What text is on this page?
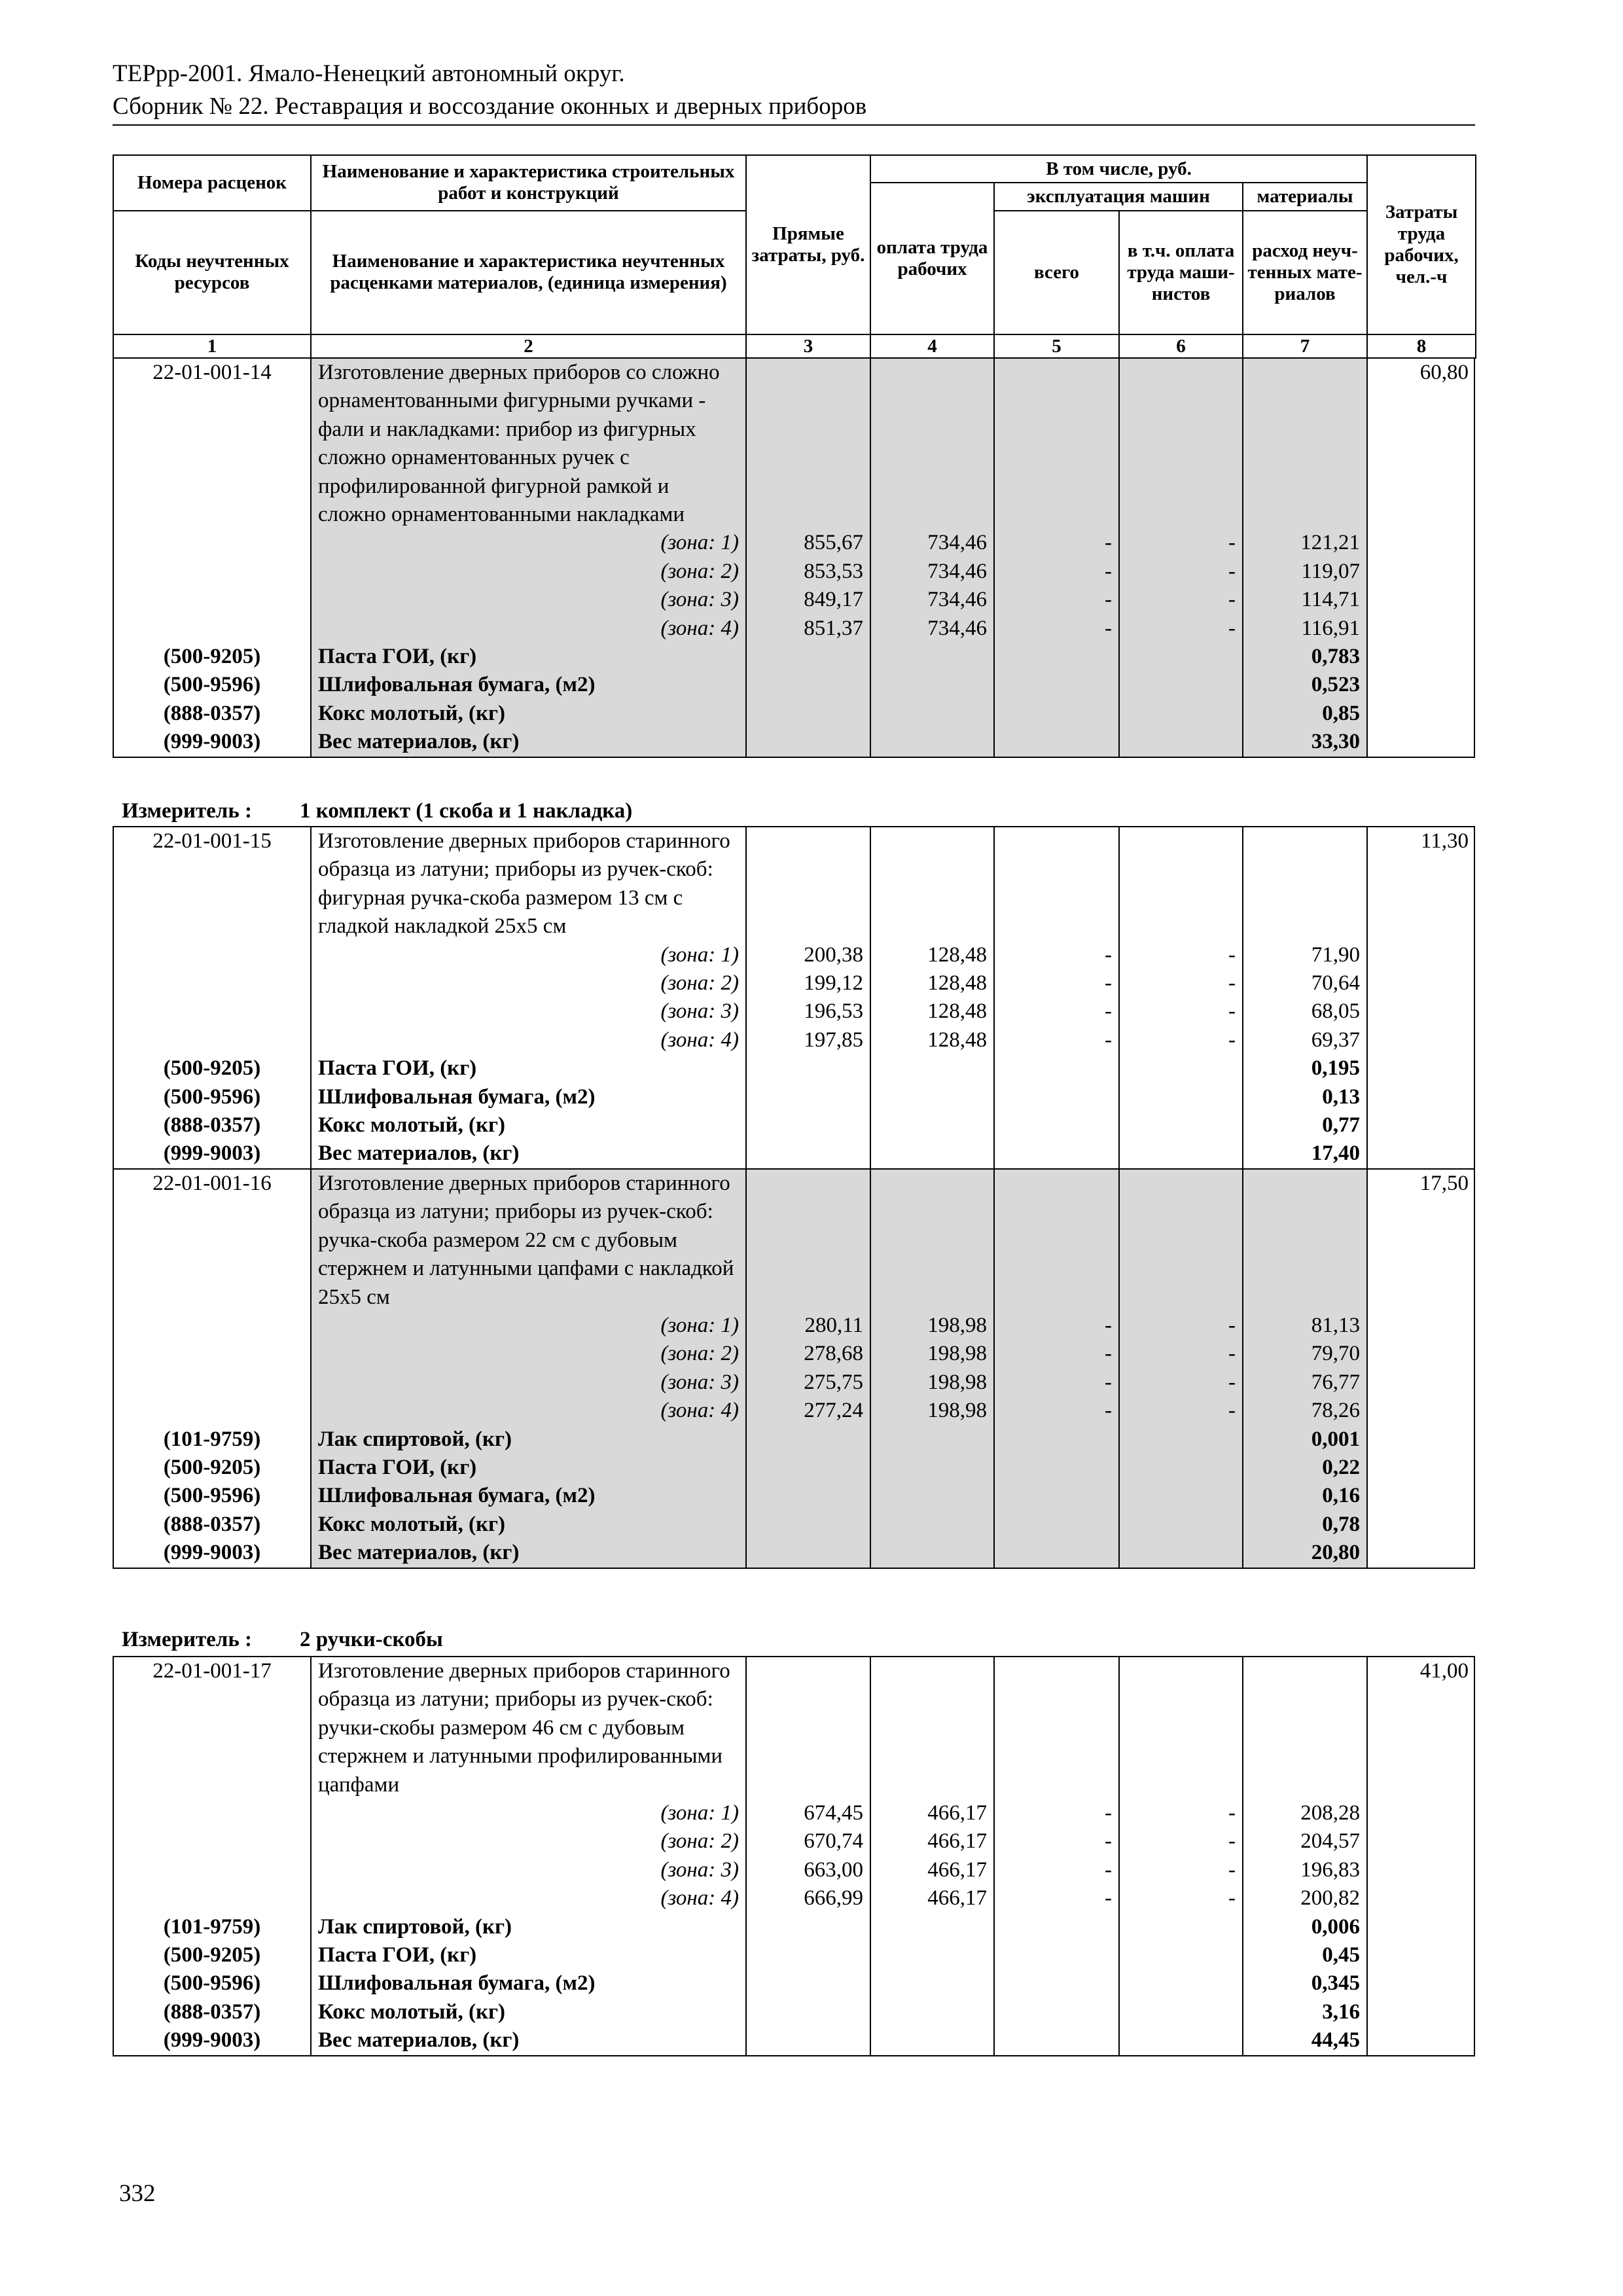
ТЕРрр-2001. Ямало-Ненецкий автономный округ.
Сборник № 22. Реставрация и воссоздание оконных и дверных приборов
Номера расценок	Наименование и характеристика строительных работ и конструкций	Прямые затраты, руб.	В том числе, руб.				Затраты труда рабочих, чел.-ч
			оплата труда рабочих	эксплуатация машин		материалы	
Коды неучтенных ресурсов	Наименование и характеристика неучтенных расценками материалов, (единица измерения)			всего	в т.ч. оплата труда маши-нистов	расход неуч-тенных мате-риалов	

1	2	3	4	5	6	7	8
22-01-001-14	Изготовление дверных приборов со сложно орнаментованными фигурными ручками - фали и накладками: прибор из фигурных сложно орнаментованных ручек с профилированной фигурной рамкой и сложно орнаментованными накладками						60,80
	(зона: 1)	855,67	734,46	-	-	121,21	
	(зона: 2)	853,53	734,46	-	-	119,07	
	(зона: 3)	849,17	734,46	-	-	114,71	
	(зона: 4)	851,37	734,46	-	-	116,91	
(500-9205)	Паста ГОИ, (кг)					0,783	
(500-9596)	Шлифовальная бумага, (м2)					0,523	
(888-0357)	Кокс молотый, (кг)					0,85	
(999-9003)	Вес материалов, (кг)					33,30	
Измеритель : 1 комплект (1 скоба и 1 накладка)
22-01-001-15	Изготовление дверных приборов старинного образца из латуни; приборы из ручек-скоб: фигурная ручка-скоба размером 13 см с гладкой накладкой 25х5 см						11,30
	(зона: 1)	200,38	128,48	-	-	71,90	
	(зона: 2)	199,12	128,48	-	-	70,64	
	(зона: 3)	196,53	128,48	-	-	68,05	
	(зона: 4)	197,85	128,48	-	-	69,37	
(500-9205)	Паста ГОИ, (кг)					0,195	
(500-9596)	Шлифовальная бумага, (м2)					0,13	
(888-0357)	Кокс молотый, (кг)					0,77	
(999-9003)	Вес материалов, (кг)					17,40	
22-01-001-16	Изготовление дверных приборов старинного образца из латуни; приборы из ручек-скоб: ручка-скоба размером 22 см с дубовым стержнем и латунными цапфами с накладкой 25х5 см						17,50
	(зона: 1)	280,11	198,98	-	-	81,13	
	(зона: 2)	278,68	198,98	-	-	79,70	
	(зона: 3)	275,75	198,98	-	-	76,77	
	(зона: 4)	277,24	198,98	-	-	78,26	
(101-9759)	Лак спиртовой, (кг)					0,001	
(500-9205)	Паста ГОИ, (кг)					0,22	
(500-9596)	Шлифовальная бумага, (м2)					0,16	
(888-0357)	Кокс молотый, (кг)					0,78	
(999-9003)	Вес материалов, (кг)					20,80	
Измеритель : 2 ручки-скобы
22-01-001-17	Изготовление дверных приборов старинного образца из латуни; приборы из ручек-скоб: ручки-скобы размером 46 см с дубовым стержнем и латунными профилированными цапфами						41,00
	(зона: 1)	674,45	466,17	-	-	208,28	
	(зона: 2)	670,74	466,17	-	-	204,57	
	(зона: 3)	663,00	466,17	-	-	196,83	
	(зона: 4)	666,99	466,17	-	-	200,82	
(101-9759)	Лак спиртовой, (кг)					0,006	
(500-9205)	Паста ГОИ, (кг)					0,45	
(500-9596)	Шлифовальная бумага, (м2)					0,345	
(888-0357)	Кокс молотый, (кг)					3,16	
(999-9003)	Вес материалов, (кг)					44,45	
332
